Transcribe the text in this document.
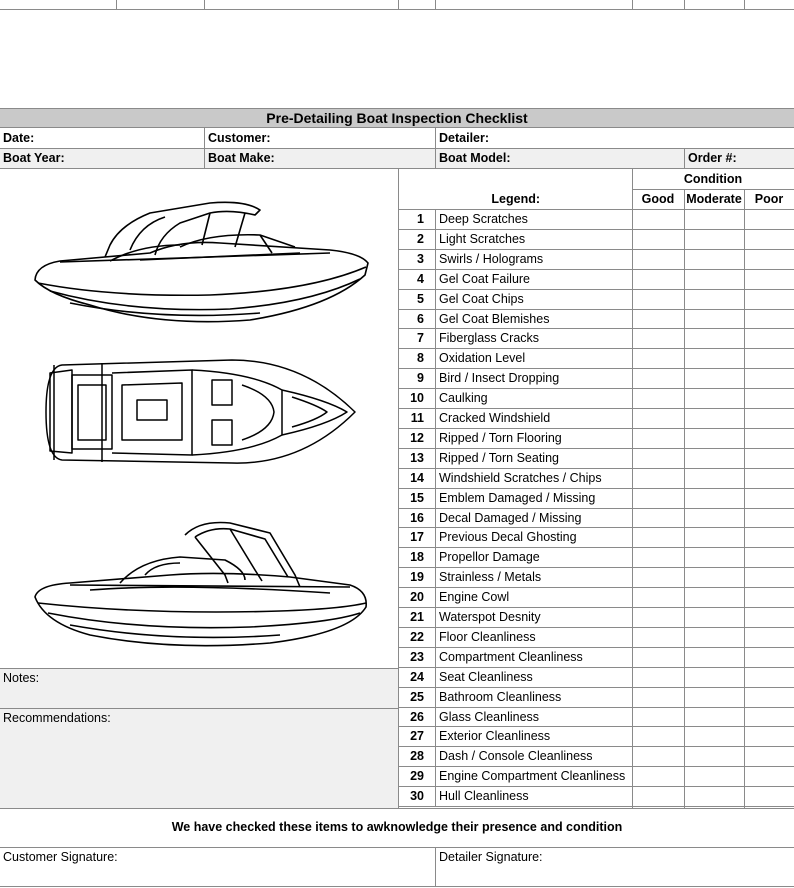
Pre-Detailing Boat Inspection Checklist
Date:	Customer:	Detailer:
Boat Year:	Boat Make:	Boat Model:	Order #:
Condition
Legend:	Good Moderate	Poor
1 Deep Scratches
2 Light Scratches
3 Swirls / Holograms
4 Gel Coat Failure
5 Gel Coat Chips
6 Gel Coat Blemishes
7 Fiberglass Cracks
8 Oxidation Level
9 Bird / Insect Dropping
10 Caulking
11 Cracked Windshield
12 Ripped / Torn Flooring
13 Ripped / Torn Seating
14 Windshield Scratches / Chips
15 Emblem Damaged / Missing
16 Decal Damaged / Missing
17 Previous Decal Ghosting
18 Propellor Damage
19 Strainless / Metals
20 Engine Cowl
21 Waterspot Desnity
22 Floor Cleanliness
23 Compartment Cleanliness
24 Seat Cleanliness
25 Bathroom Cleanliness
26 Glass Cleanliness
27 Exterior Cleanliness
28 Dash / Console Cleanliness
29 Engine Compartment Cleanliness
30 Hull Cleanliness
Notes:
Recommendations:
We have checked these items to awknowledge their presence and condition
Customer Signature:	Detailer Signature:
